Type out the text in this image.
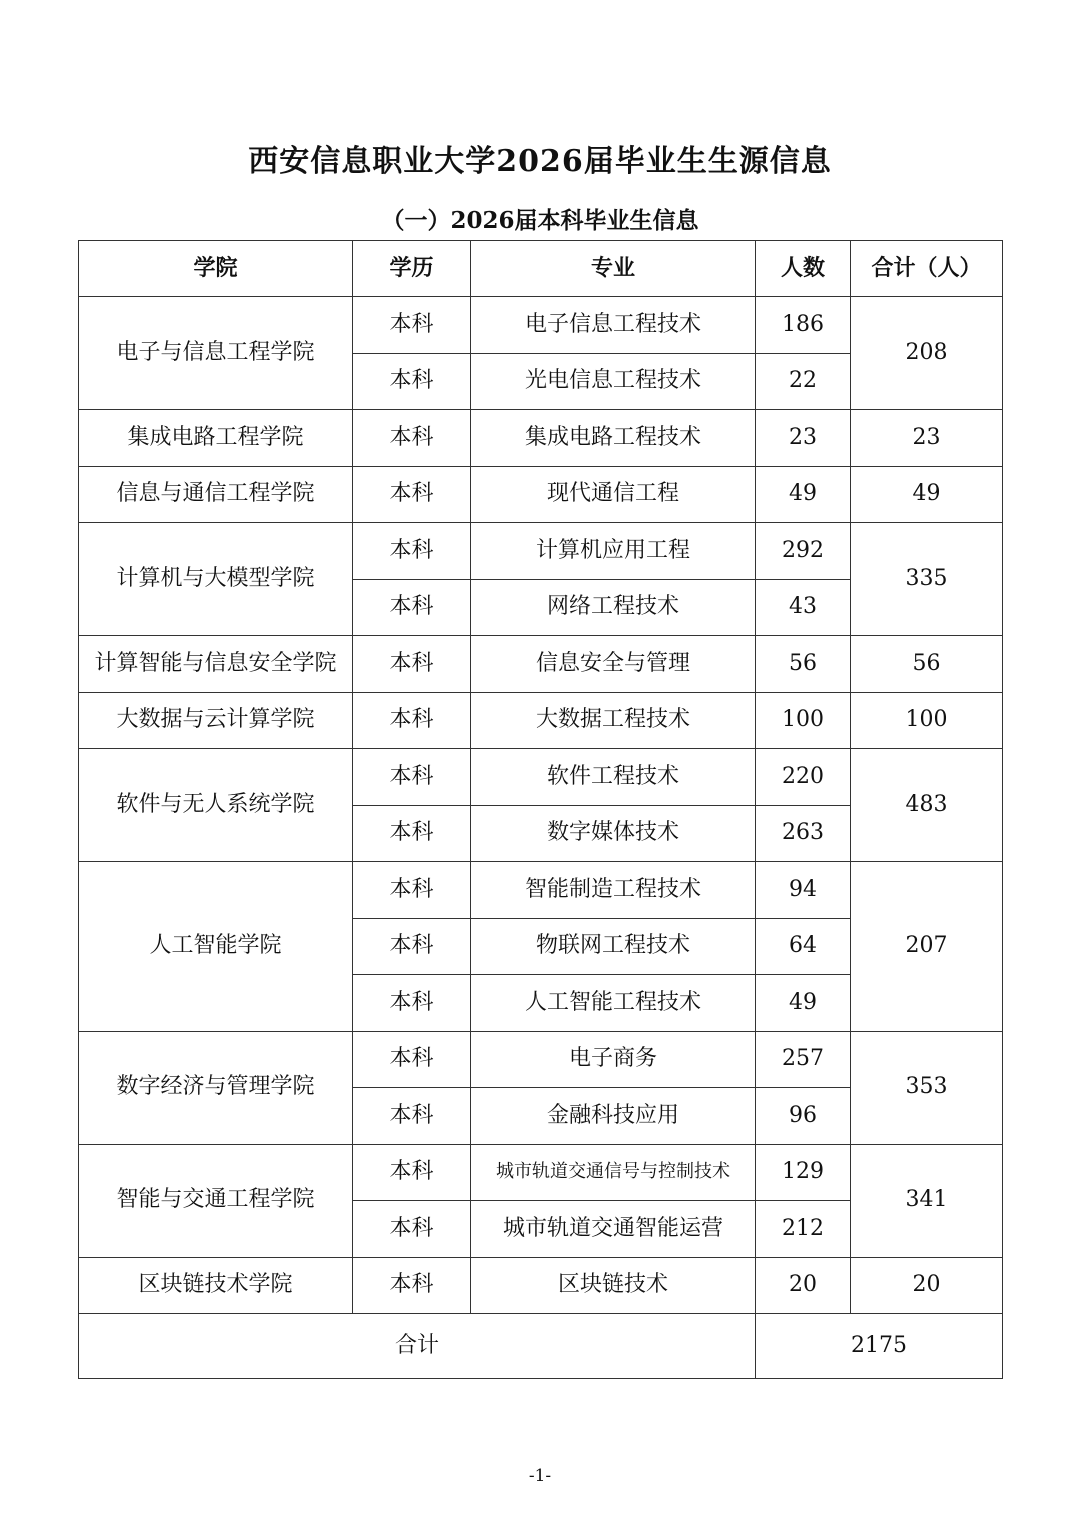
西安信息职业大学2026届毕业生生源信息
（一）2026届本科毕业生信息
学院	学历	专业	人数	合计（人）
电子与信息工程学院	本科	电子信息工程技术	186	208
	本科	光电信息工程技术	22	
集成电路工程学院	本科	集成电路工程技术	23	23
信息与通信工程学院	本科	现代通信工程	49	49
计算机与大模型学院	本科	计算机应用工程	292	335
	本科	网络工程技术	43	
计算智能与信息安全学院	本科	信息安全与管理	56	56
大数据与云计算学院	本科	大数据工程技术	100	100
软件与无人系统学院	本科	软件工程技术	220	483
	本科	数字媒体技术	263	
人工智能学院	本科	智能制造工程技术	94	207
	本科	物联网工程技术	64	
	本科	人工智能工程技术	49	
数字经济与管理学院	本科	电子商务	257	353
	本科	金融科技应用	96	
智能与交通工程学院	本科	城市轨道交通信号与控制技术	129	341
	本科	城市轨道交通智能运营	212	
区块链技术学院	本科	区块链技术	20	20
合计			2175	
-1-
